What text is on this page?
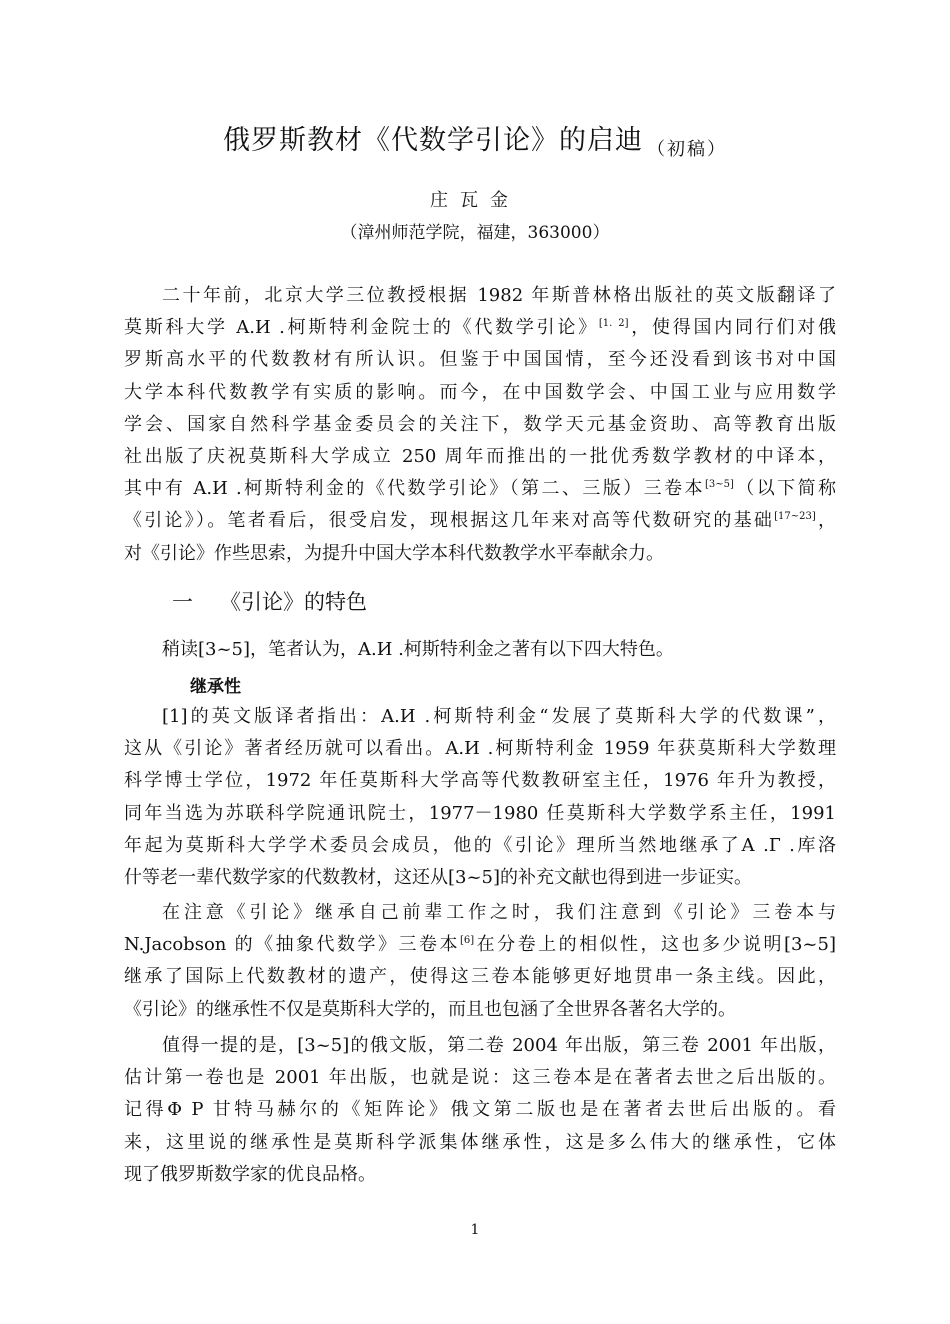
俄罗斯教材《代数学引论》的启迪 $_{(初稿)}$
庄瓦金
（漳州师范学院，福建，363000）
二十年前，北京大学三位教授根据 1982 年斯普林格出版社的英文版翻译了
莫斯科大学 A.И .柯斯特利金院士的《代数学引论》[1. 2]，使得国内同行们对俄
罗斯高水平的代数教材有所认识。但鉴于中国国情，至今还没看到该书对中国
大学本科代数教学有实质的影响。而今，在中国数学会、中国工业与应用数学
学会、国家自然科学基金委员会的关注下，数学天元基金资助、高等教育出版
社出版了庆祝莫斯科大学成立 250 周年而推出的一批优秀数学教材的中译本，
其中有 A.И .柯斯特利金的《代数学引论》（第二、三版）三卷本[3~5]（以下简称
《引论》）。笔者看后，很受启发，现根据这几年来对高等代数研究的基础[17~23]，
对《引论》作些思索，为提升中国大学本科代数教学水平奉献余力。
一 《引论》的特色
稍读[3~5]，笔者认为，A.И .柯斯特利金之著有以下四大特色。
继承性
[1]的英文版译者指出：A.И .柯斯特利金“发展了莫斯科大学的代数课”，
这从《引论》著者经历就可以看出。A.И .柯斯特利金 1959 年获莫斯科大学数理
科学博士学位，1972 年任莫斯科大学高等代数教研室主任，1976 年升为教授，
同年当选为苏联科学院通讯院士，1977－1980 任莫斯科大学数学系主任，1991
年起为莫斯科大学学术委员会成员，他的《引论》理所当然地继承了А .Г .库洛
什等老一辈代数学家的代数教材，这还从[3~5]的补充文献也得到进一步证实。
在注意《引论》继承自己前辈工作之时，我们注意到《引论》三卷本与
N.Jacobson 的《抽象代数学》三卷本[6]在分卷上的相似性，这也多少说明[3~5]
继承了国际上代数教材的遗产，使得这三卷本能够更好地贯串一条主线。因此，
《引论》的继承性不仅是莫斯科大学的，而且也包涵了全世界各著名大学的。
值得一提的是，[3~5]的俄文版，第二卷 2004 年出版，第三卷 2001 年出版，
估计第一卷也是 2001 年出版，也就是说：这三卷本是在著者去世之后出版的。
记得Φ Р 甘特马赫尔的《矩阵论》俄文第二版也是在著者去世后出版的。看
来，这里说的继承性是莫斯科学派集体继承性，这是多么伟大的继承性，它体
现了俄罗斯数学家的优良品格。
1
